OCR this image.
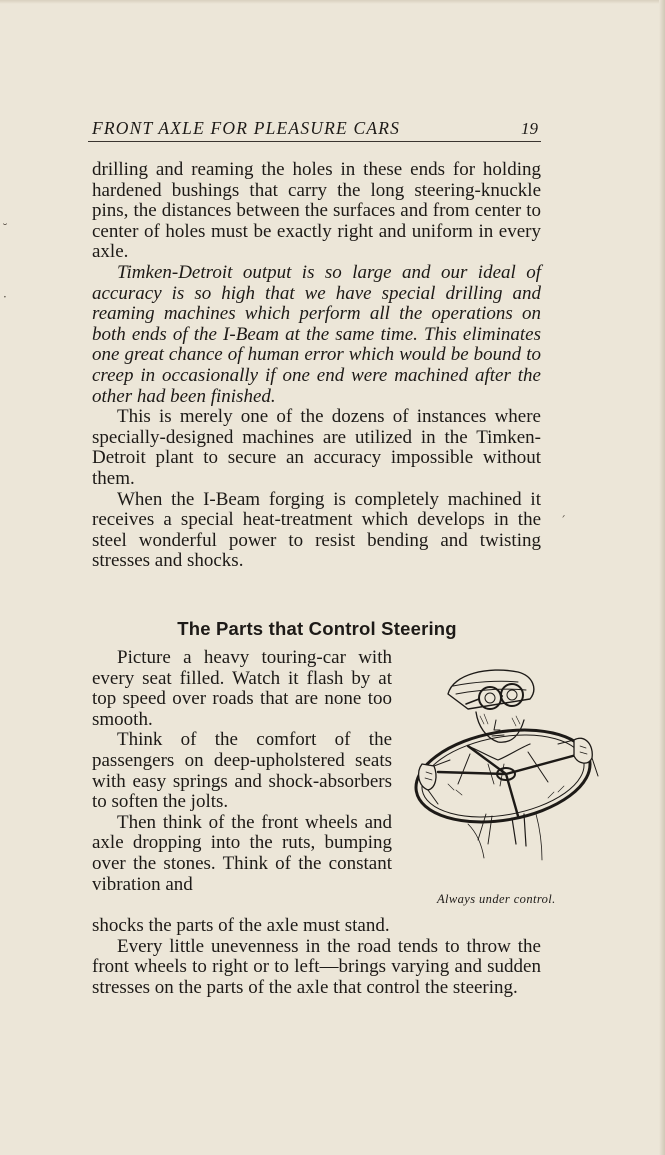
FRONT AXLE FOR PLEASURE CARS	19

drilling and reaming the holes in these ends for holding hardened bushings that carry the long steering-knuckle pins, the distances between the surfaces and from center to center of holes must be exactly right and uniform in every axle.

Timken-Detroit output is so large and our ideal of accuracy is so high that we have special drilling and reaming machines which perform all the operations on both ends of the I-Beam at the same time. This eliminates one great chance of human error which would be bound to creep in occasionally if one end were machined after the other had been finished.

This is merely one of the dozens of instances where specially-designed machines are utilized in the Timken-Detroit plant to secure an accuracy impossible without them.

When the I-Beam forging is completely machined it receives a special heat-treatment which develops in the steel wonderful power to resist bending and twisting stresses and shocks.

The Parts that Control Steering

Picture a heavy touring-car with every seat filled. Watch it flash by at top speed over roads that are none too smooth.

Think of the comfort of the passengers on deep-upholstered seats with easy springs and shock-absorbers to soften the jolts.

Then think of the front wheels and axle dropping into the ruts, bumping over the stones. Think of the constant vibration and

shocks the parts of the axle must stand.

Every little unevenness in the road tends to throw the front wheels to right or to left—brings varying and sudden stresses on the parts of the axle that control the steering.

Always under control.
˘
·
´
